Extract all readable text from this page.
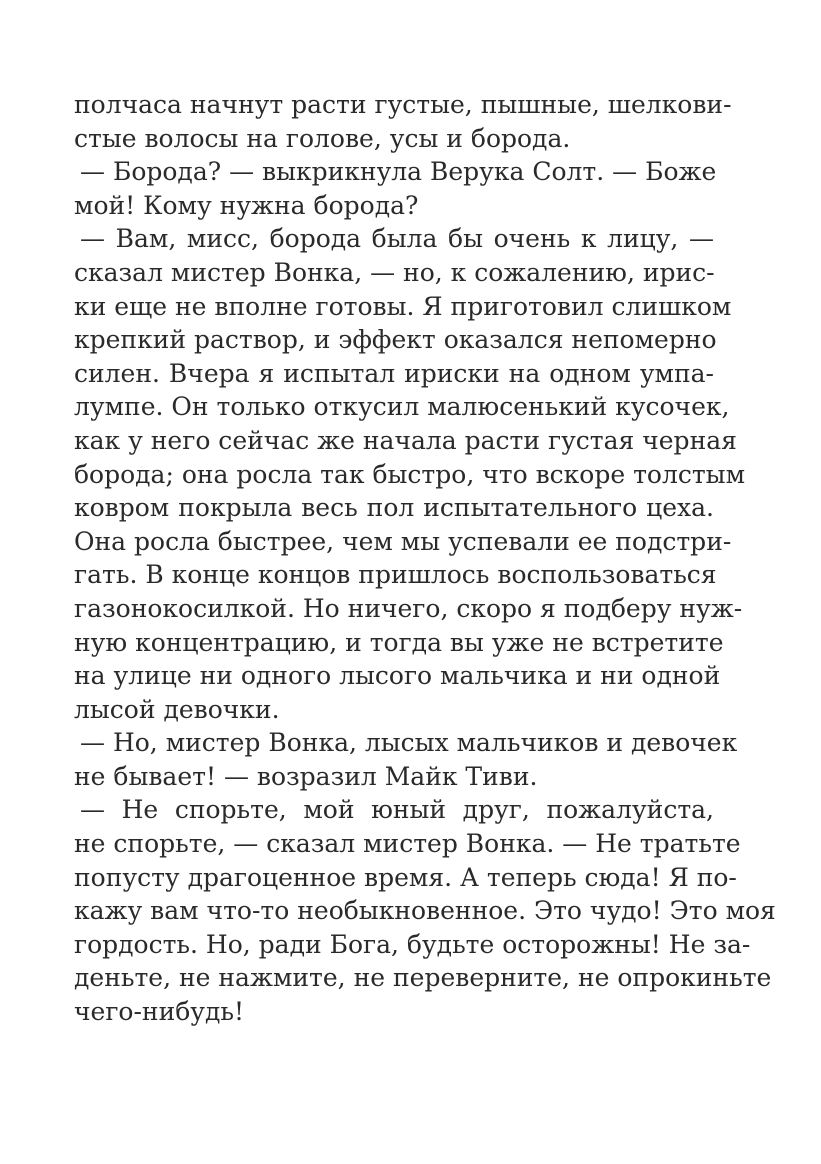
полчаса начнут расти густые, пышные, шелкови-
стые волосы на голове, усы и борода.
— Борода? — выкрикнула Верука Солт. — Боже
мой! Кому нужна борода?
— Вам, мисс, борода была бы очень к лицу, —
сказал мистер Вонка, — но, к сожалению, ирис-
ки еще не вполне готовы. Я приготовил слишком
крепкий раствор, и эффект оказался непомерно
силен. Вчера я испытал ириски на одном умпа-
лумпе. Он только откусил малюсенький кусочек,
как у него сейчас же начала расти густая черная
борода; она росла так быстро, что вскоре толстым
ковром покрыла весь пол испытательного цеха.
Она росла быстрее, чем мы успевали ее подстри-
гать. В конце концов пришлось воспользоваться
газонокосилкой. Но ничего, скоро я подберу нуж-
ную концентрацию, и тогда вы уже не встретите
на улице ни одного лысого мальчика и ни одной
лысой девочки.
— Но, мистер Вонка, лысых мальчиков и девочек
не бывает! — возразил Майк Тиви.
— Не спорьте, мой юный друг, пожалуйста,
не спорьте, — сказал мистер Вонка. — Не тратьте
попусту драгоценное время. А теперь сюда! Я по-
кажу вам что-то необыкновенное. Это чудо! Это моя
гордость. Но, ради Бога, будьте осторожны! Не за-
деньте, не нажмите, не переверните, не опрокиньте
чего-нибудь!
